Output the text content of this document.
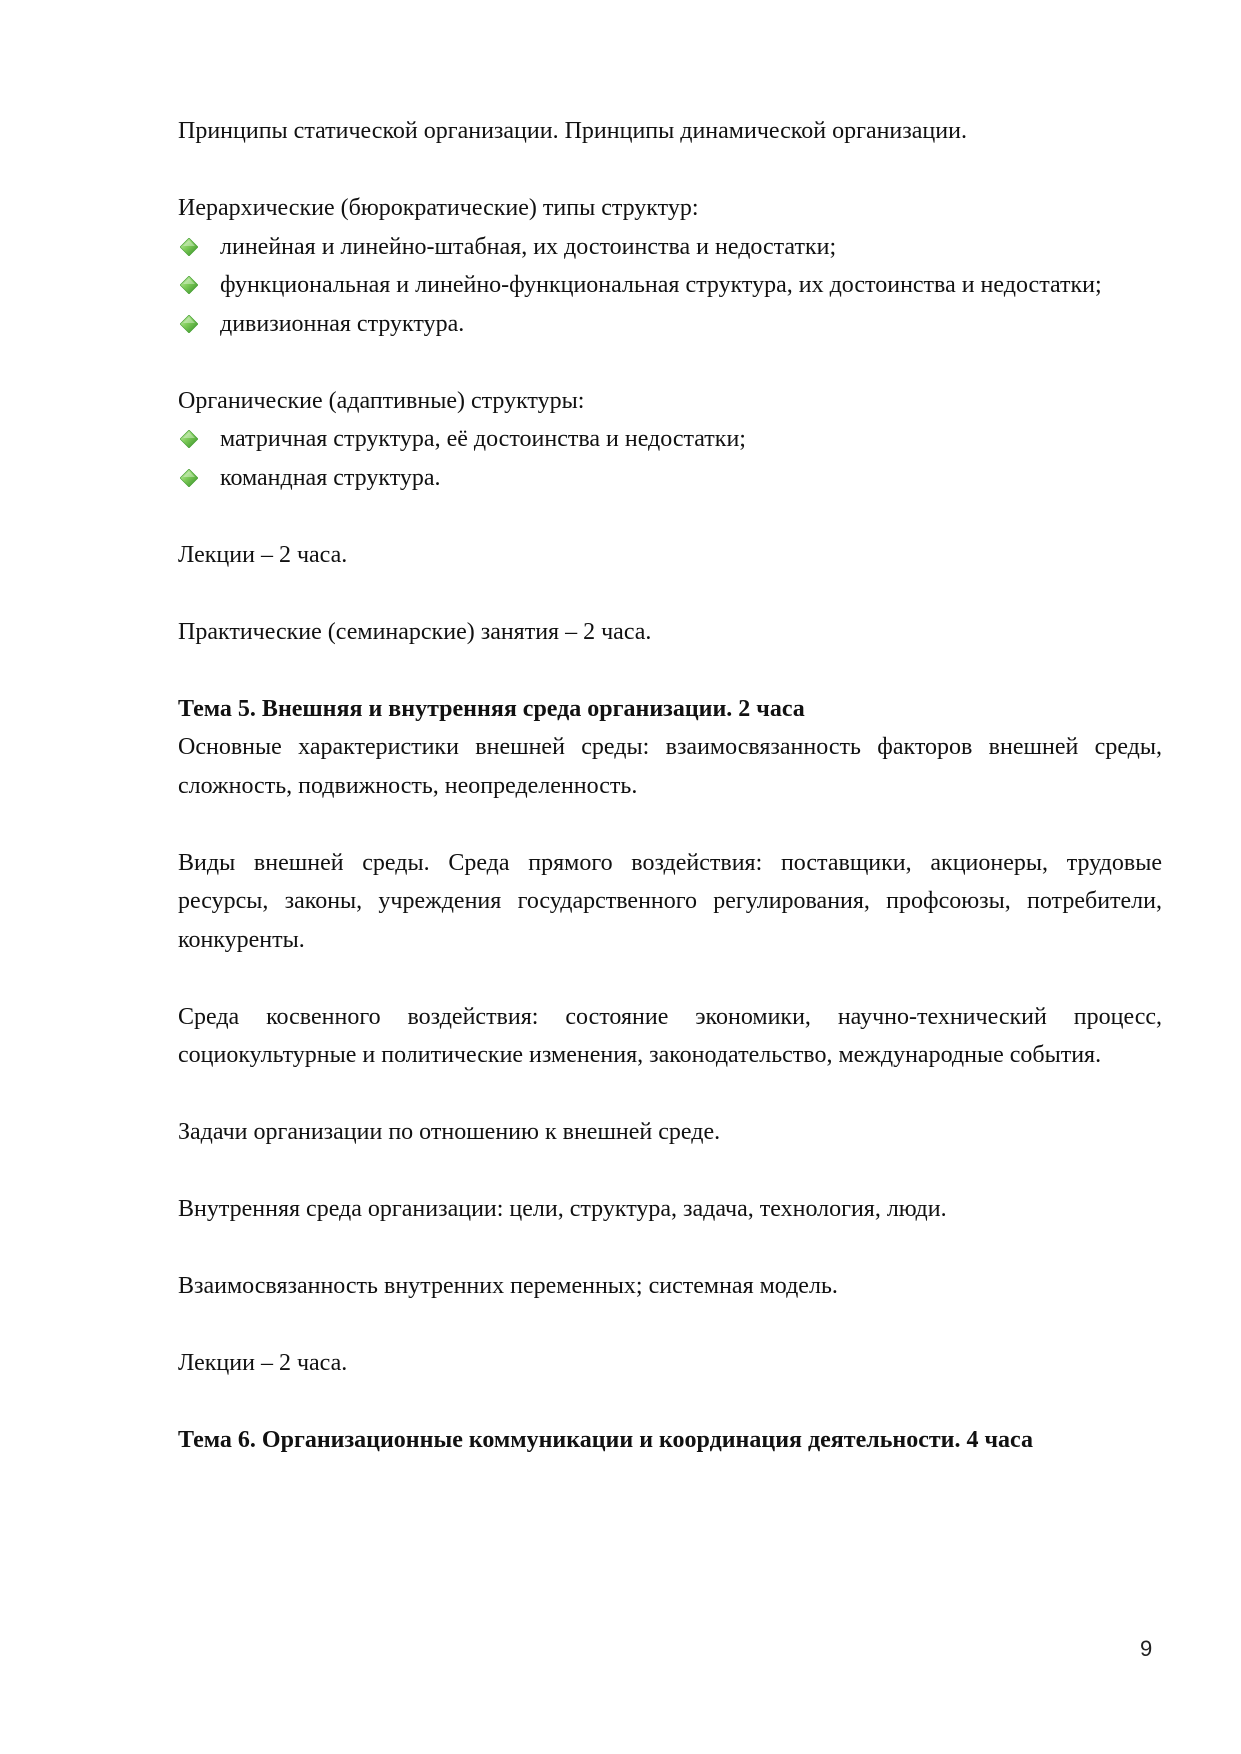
Принципы статической организации. Принципы динамической организации.
Иерархические (бюрократические) типы структур:
линейная и линейно-штабная, их достоинства и недостатки;
функциональная и линейно-функциональная структура, их достоинства и недостатки;
дивизионная структура.
Органические (адаптивные) структуры:
матричная структура, её достоинства и недостатки;
командная структура.
Лекции – 2 часа.
Практические (семинарские) занятия – 2 часа.
Тема 5. Внешняя и внутренняя среда организации. 2 часа
Основные характеристики внешней среды: взаимосвязанность факторов внешней среды,
сложность, подвижность, неопределенность.
Виды внешней среды. Среда прямого воздействия: поставщики, акционеры, трудовые
ресурсы, законы, учреждения государственного регулирования, профсоюзы, потребители,
конкуренты.
Среда косвенного воздействия: состояние экономики, научно-технический процесс,
социокультурные и политические изменения, законодательство, международные события.
Задачи организации по отношению к внешней среде.
Внутренняя среда организации: цели, структура, задача, технология, люди.
Взаимосвязанность внутренних переменных; системная модель.
Лекции – 2 часа.
Тема 6. Организационные коммуникации и координация деятельности. 4 часа
9
